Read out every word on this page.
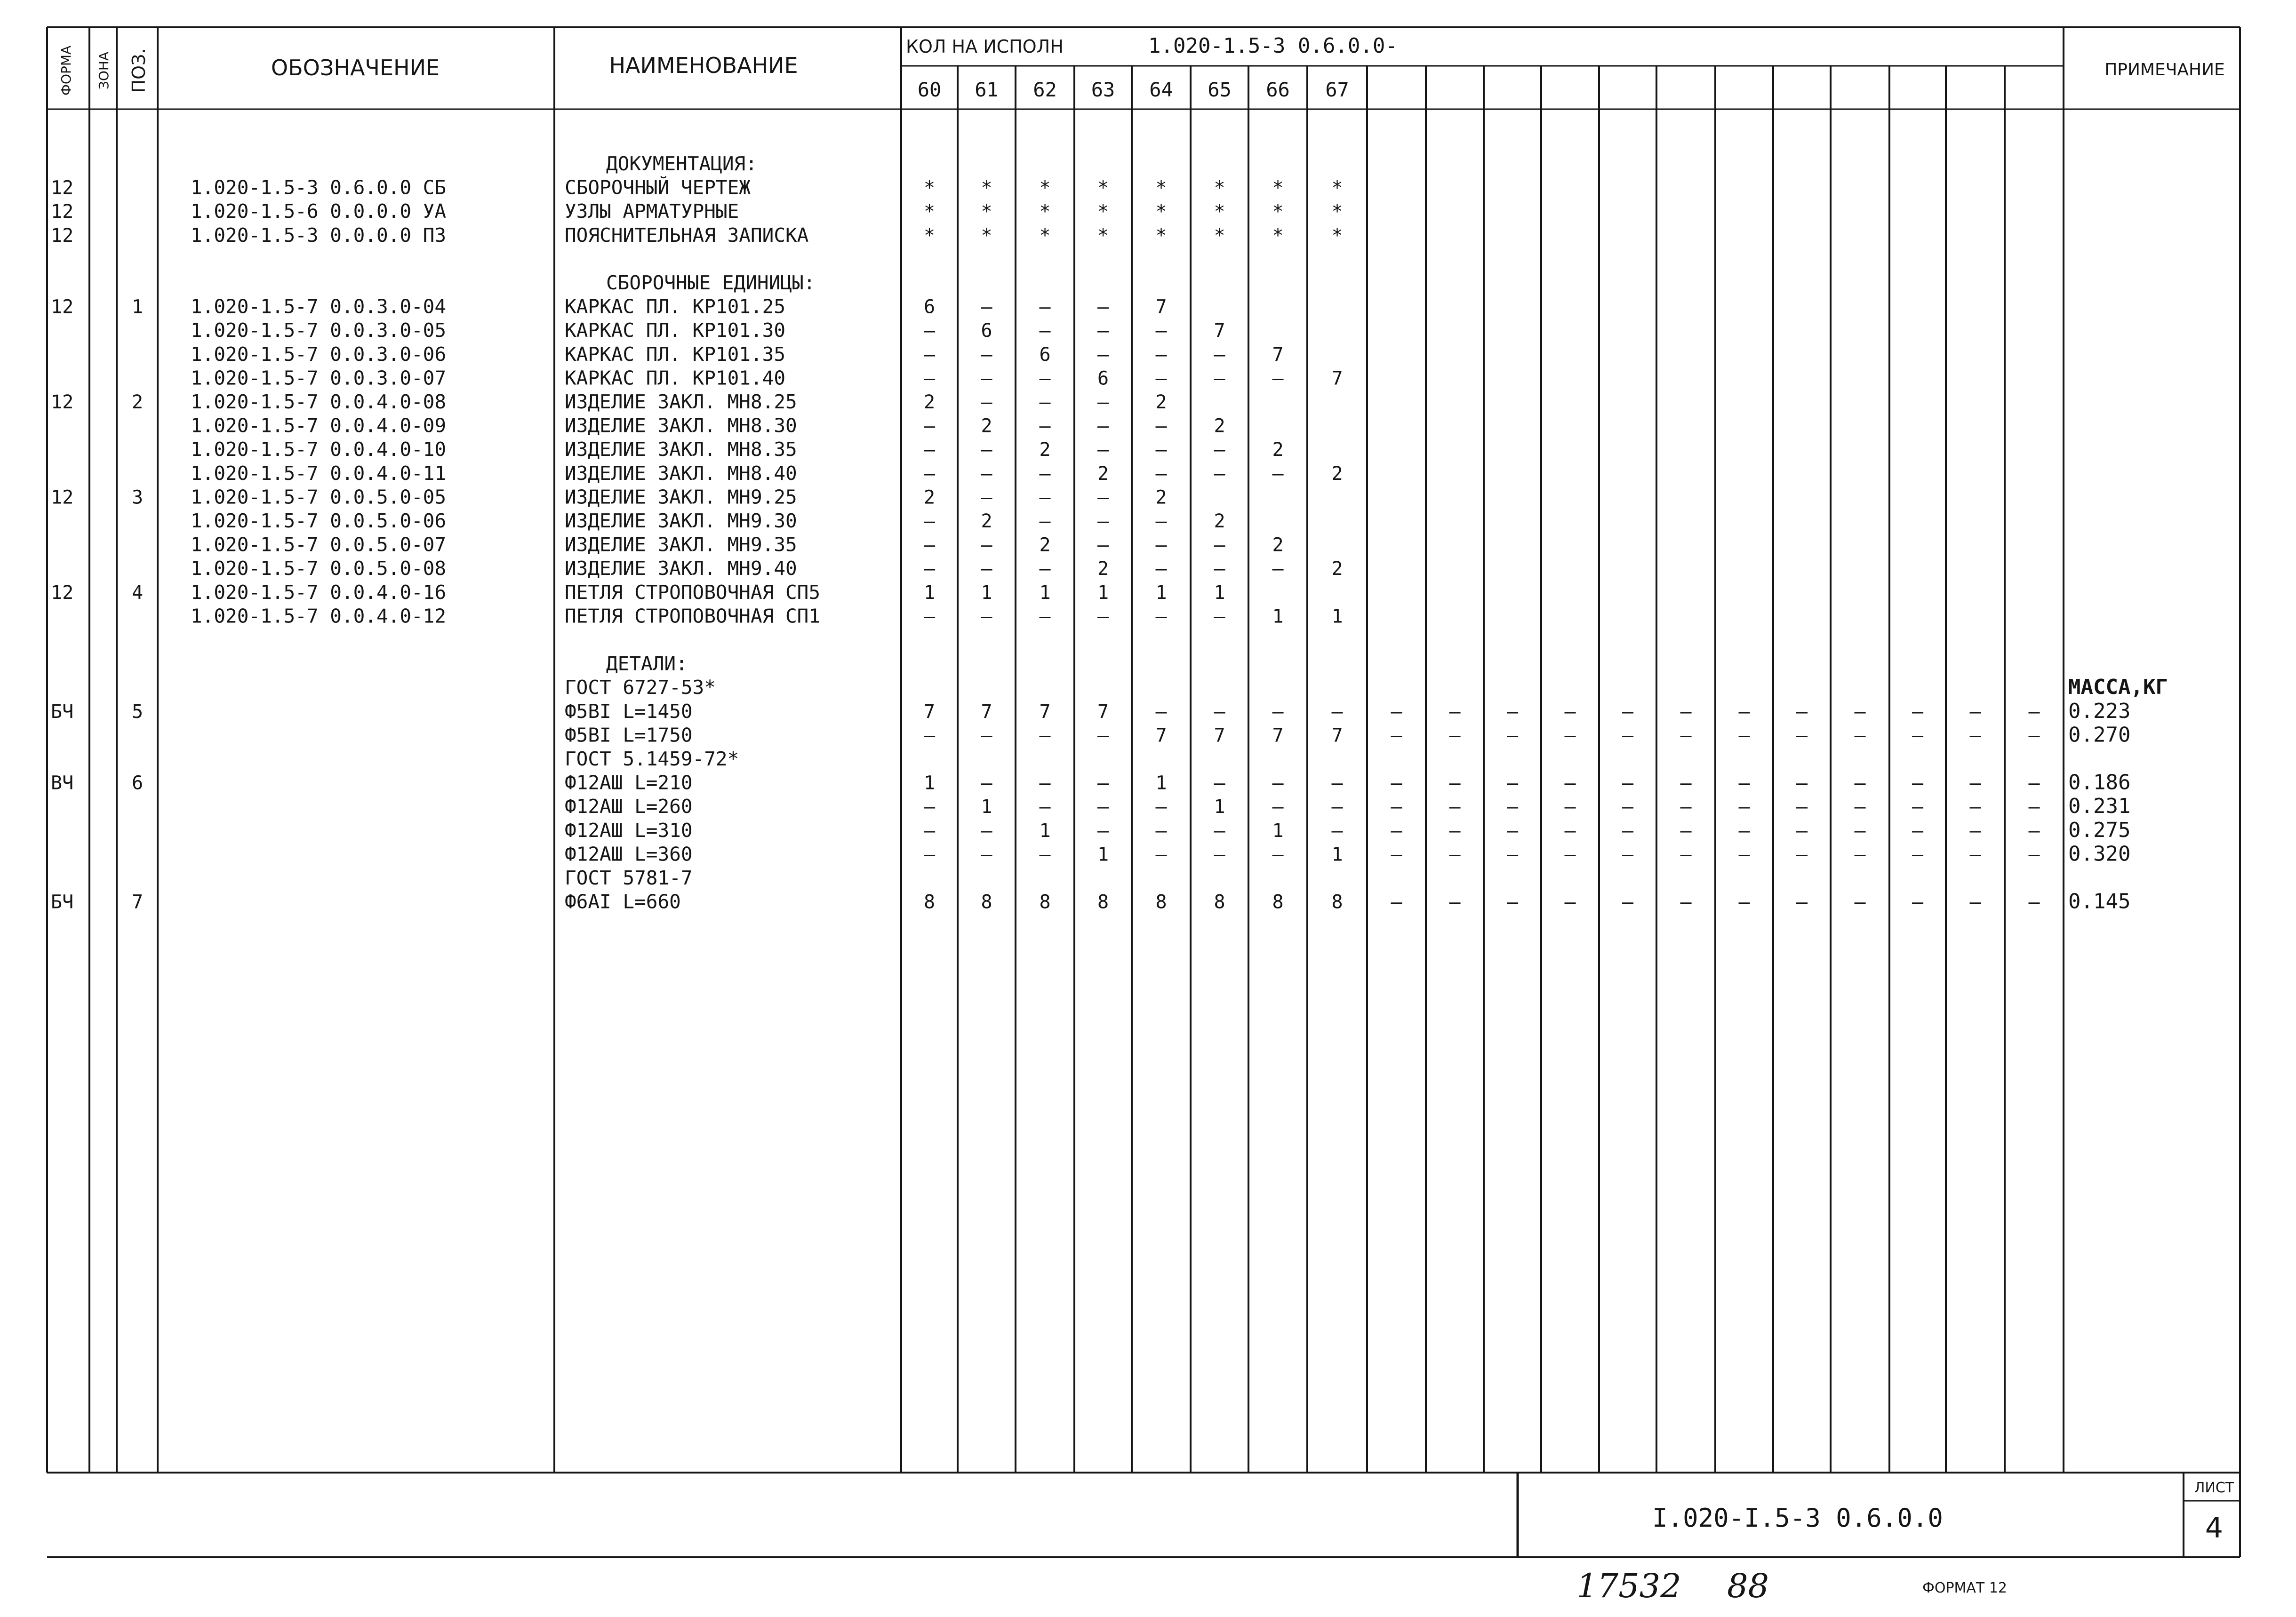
ФОРМА ЗОНА ПОЗ.	ОБОЗНАЧЕНИЕ	НАИМЕНОВАНИЕ
КОЛ НА ИСПОЛН	1.020-1.5-3 0.6.0.0-
ПРИМЕЧАНИЕ
60 61 62 63 64 65 66 67
ДОКУМЕНТАЦИЯ:
12	1.020-1.5-3 0.6.0.0 СБ	СБОРОЧНЫЙ ЧЕРТЕЖ	* * * * * * *	*
12	1.020-1.5-6 0.0.0.0 УА	УЗЛЫ АРМАТУРНЫЕ	* * * * * * *	*
12	1.020-1.5-3 0.0.0.0 ПЗ	ПОЯСНИТЕЛЬНАЯ ЗАПИСКА	* * * * * * *	*
СБОРОЧНЫЕ ЕДИНИЦЫ:
12	1 1.020-1.5-7 0.0.3.0-04	КАРКАС ПЛ. КР101.25	6 – – – 7
1.020-1.5-7 0.0.3.0-05	КАРКАС ПЛ. КР101.30	– 6 – – – 7
1.020-1.5-7 0.0.3.0-06	КАРКАС ПЛ. КР101.35	– – 6 – – – 7
1.020-1.5-7 0.0.3.0-07	КАРКАС ПЛ. КР101.40	– – – 6 – – –	7
12	2 1.020-1.5-7 0.0.4.0-08	ИЗДЕЛИЕ ЗАКЛ. МН8.25	2 – – – 2
1.020-1.5-7 0.0.4.0-09	ИЗДЕЛИЕ ЗАКЛ. МН8.30	– 2 – – – 2
1.020-1.5-7 0.0.4.0-10	ИЗДЕЛИЕ ЗАКЛ. МН8.35	– – 2 – – – 2
1.020-1.5-7 0.0.4.0-11	ИЗДЕЛИЕ ЗАКЛ. МН8.40	– – – 2 – – –	2
12	3 1.020-1.5-7 0.0.5.0-05	ИЗДЕЛИЕ ЗАКЛ. МН9.25	2 – – – 2
1.020-1.5-7 0.0.5.0-06	ИЗДЕЛИЕ ЗАКЛ. МН9.30	– 2 – – – 2
1.020-1.5-7 0.0.5.0-07	ИЗДЕЛИЕ ЗАКЛ. МН9.35	– – 2 – – – 2
1.020-1.5-7 0.0.5.0-08	ИЗДЕЛИЕ ЗАКЛ. МН9.40	– – – 2 – – –	2
12	4 1.020-1.5-7 0.0.4.0-16	ПЕТЛЯ СТРОПОВОЧНАЯ СП5	1 1 1 1 1 1
1.020-1.5-7 0.0.4.0-12	ПЕТЛЯ СТРОПОВОЧНАЯ СП1	– – – – – – 1	1
ДЕТАЛИ:
ГОСТ 6727-53*	МАССА,КГ
БЧ	5	Ф5ВI L=1450	7 7 7 7 – – –	–	– – – – – – – – – – –	– 0.223
Ф5ВI L=1750	– – – – 7 7 7	7	– – – – – – – – – – –	– 0.270
ГОСТ 5.1459-72*
ВЧ	6	Ф12АШ L=210	1 – – – 1 – –	–	– – – – – – – – – – –	– 0.186
Ф12АШ L=260	– 1 – – – 1 –	–	– – – – – – – – – – –	– 0.231
Ф12АШ L=310	– – 1 – – – 1	–	– – – – – – – – – – –	– 0.275
Ф12АШ L=360	– – – 1 – – –	1	– – – – – – – – – – –	– 0.320
ГОСТ 5781-7
БЧ	7	Ф6АI L=660	8 8 8 8 8 8 8	8	– – – – – – – – – – –	– 0.145
I.020-I.5-3 0.6.0.0
ЛИСТ
4
17532 88	ФОРМАТ 12
